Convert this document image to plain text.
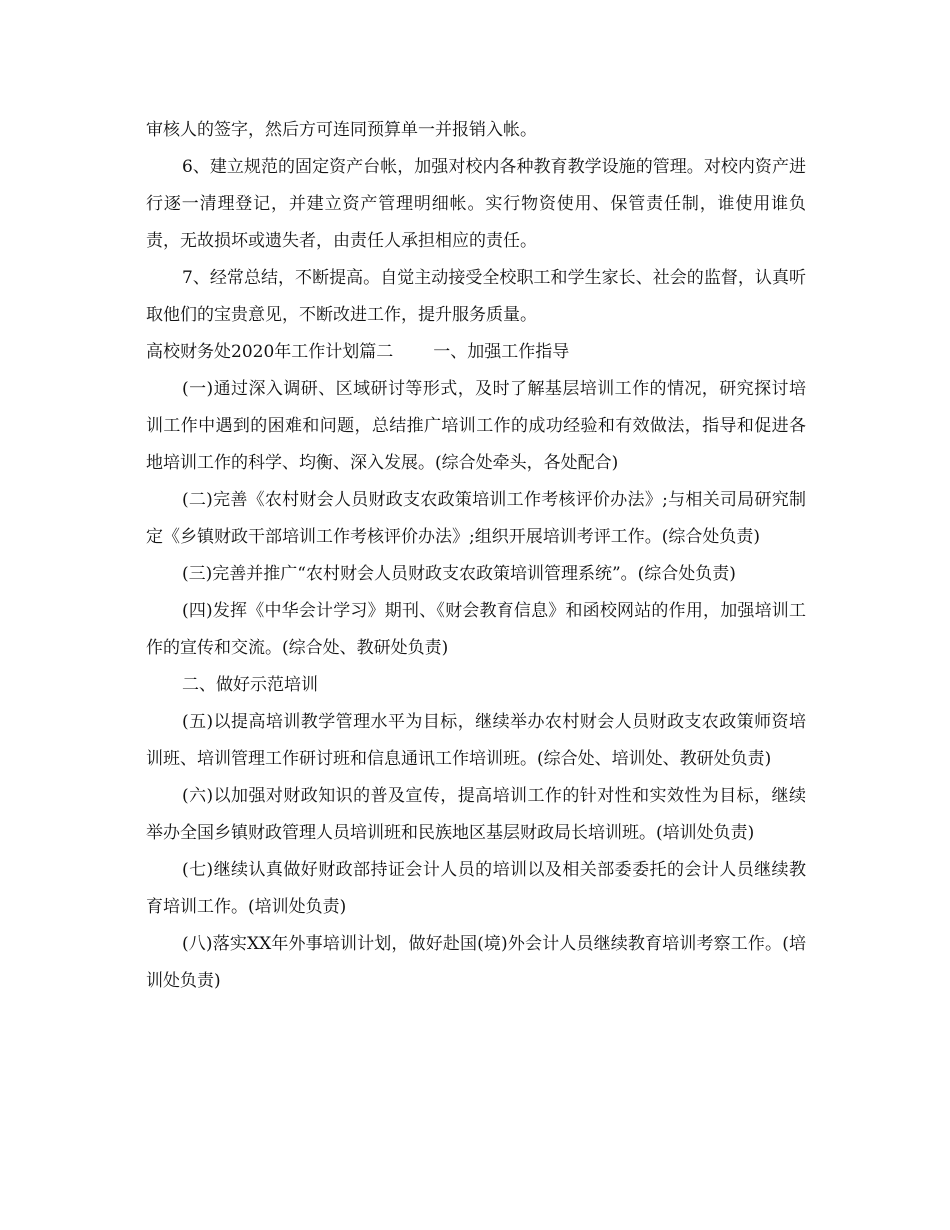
审核人的签字，然后方可连同预算单一并报销入帐。

6、建立规范的固定资产台帐，加强对校内各种教育教学设施的管理。对校内资产进行逐一清理登记，并建立资产管理明细帐。实行物资使用、保管责任制，谁使用谁负责，无故损坏或遗失者，由责任人承担相应的责任。

7、经常总结，不断提高。自觉主动接受全校职工和学生家长、社会的监督，认真听取他们的宝贵意见，不断改进工作，提升服务质量。

高校财务处2020年工作计划篇二 一、加强工作指导

(一)通过深入调研、区域研讨等形式，及时了解基层培训工作的情况，研究探讨培训工作中遇到的困难和问题，总结推广培训工作的成功经验和有效做法，指导和促进各地培训工作的科学、均衡、深入发展。(综合处牵头，各处配合)

(二)完善《农村财会人员财政支农政策培训工作考核评价办法》;与相关司局研究制定《乡镇财政干部培训工作考核评价办法》;组织开展培训考评工作。(综合处负责)

(三)完善并推广“农村财会人员财政支农政策培训管理系统”。(综合处负责)

(四)发挥《中华会计学习》期刊、《财会教育信息》和函校网站的作用，加强培训工作的宣传和交流。(综合处、教研处负责)

二、做好示范培训

(五)以提高培训教学管理水平为目标，继续举办农村财会人员财政支农政策师资培训班、培训管理工作研讨班和信息通讯工作培训班。(综合处、培训处、教研处负责)

(六)以加强对财政知识的普及宣传，提高培训工作的针对性和实效性为目标，继续举办全国乡镇财政管理人员培训班和民族地区基层财政局长培训班。(培训处负责)

(七)继续认真做好财政部持证会计人员的培训以及相关部委委托的会计人员继续教育培训工作。(培训处负责)

(八)落实XX年外事培训计划，做好赴国(境)外会计人员继续教育培训考察工作。(培训处负责)
